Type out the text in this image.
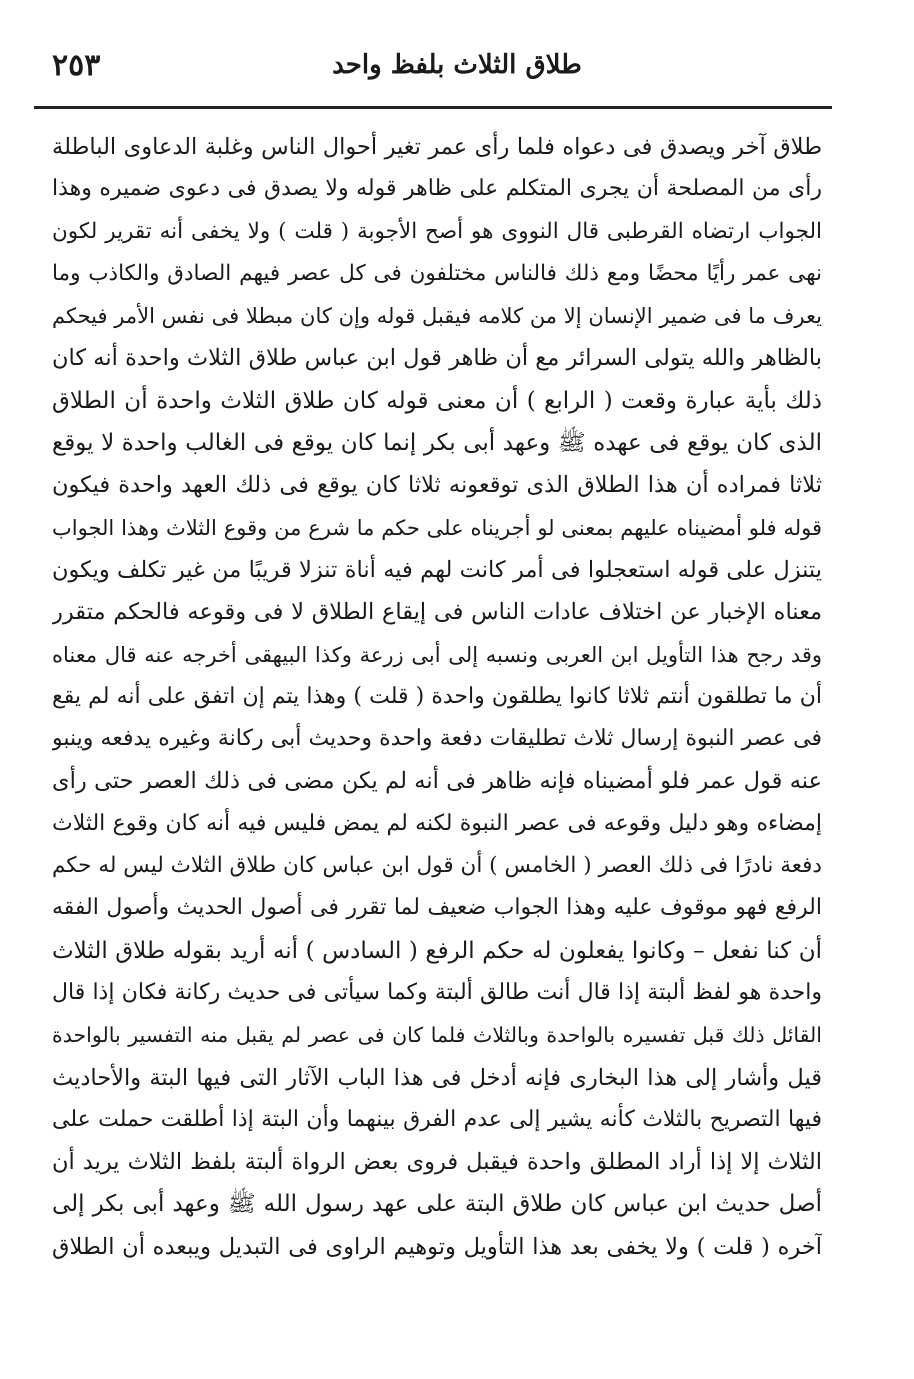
طلاق الثلاث بلفظ واحد
٢٥٣
طلاق آخر ويصدق فى دعواه فلما رأى عمر تغير أحوال الناس وغلبة الدعاوى الباطلة
رأى من المصلحة أن يجرى المتكلم على ظاهر قوله ولا يصدق فى دعوى ضميره وهذا
الجواب ارتضاه القرطبى قال النووى هو أصح الأجوبة ( قلت ) ولا يخفى أنه تقرير لكون
نهى عمر رأيًا محضًا ومع ذلك فالناس مختلفون فى كل عصر فيهم الصادق والكاذب وما
يعرف ما فى ضمير الإنسان إلا من كلامه فيقبل قوله وإن كان مبطلا فى نفس الأمر فيحكم
بالظاهر والله يتولى السرائر مع أن ظاهر قول ابن عباس طلاق الثلاث واحدة أنه كان
ذلك بأية عبارة وقعت ( الرابع ) أن معنى قوله كان طلاق الثلاث واحدة أن الطلاق
الذى كان يوقع فى عهده ﷺ وعهد أبى بكر إنما كان يوقع فى الغالب واحدة لا يوقع
ثلاثا فمراده أن هذا الطلاق الذى توقعونه ثلاثا كان يوقع فى ذلك العهد واحدة فيكون
قوله فلو أمضيناه عليهم بمعنى لو أجريناه على حكم ما شرع من وقوع الثلاث وهذا الجواب
يتنزل على قوله استعجلوا فى أمر كانت لهم فيه أناة تنزلا قريبًا من غير تكلف ويكون
معناه الإخبار عن اختلاف عادات الناس فى إيقاع الطلاق لا فى وقوعه فالحكم متقرر
وقد رجح هذا التأويل ابن العربى ونسبه إلى أبى زرعة وكذا البيهقى أخرجه عنه قال معناه
أن ما تطلقون أنتم ثلاثا كانوا يطلقون واحدة ( قلت ) وهذا يتم إن اتفق على أنه لم يقع
فى عصر النبوة إرسال ثلاث تطليقات دفعة واحدة وحديث أبى ركانة وغيره يدفعه وينبو
عنه قول عمر فلو أمضيناه فإنه ظاهر فى أنه لم يكن مضى فى ذلك العصر حتى رأى
إمضاءه وهو دليل وقوعه فى عصر النبوة لكنه لم يمض فليس فيه أنه كان وقوع الثلاث
دفعة نادرًا فى ذلك العصر ( الخامس ) أن قول ابن عباس كان طلاق الثلاث ليس له حكم
الرفع فهو موقوف عليه وهذا الجواب ضعيف لما تقرر فى أصول الحديث وأصول الفقه
أن كنا نفعل – وكانوا يفعلون له حكم الرفع ( السادس ) أنه أريد بقوله طلاق الثلاث
واحدة هو لفظ ألبتة إذا قال أنت طالق ألبتة وكما سيأتى فى حديث ركانة فكان إذا قال
القائل ذلك قبل تفسيره بالواحدة وبالثلاث فلما كان فى عصر لم يقبل منه التفسير بالواحدة
قيل وأشار إلى هذا البخارى فإنه أدخل فى هذا الباب الآثار التى فيها البتة والأحاديث
فيها التصريح بالثلاث كأنه يشير إلى عدم الفرق بينهما وأن البتة إذا أطلقت حملت على
الثلاث إلا إذا أراد المطلق واحدة فيقبل فروى بعض الرواة ألبتة بلفظ الثلاث يريد أن
أصل حديث ابن عباس كان طلاق البتة على عهد رسول الله ﷺ وعهد أبى بكر إلى
آخره ( قلت ) ولا يخفى بعد هذا التأويل وتوهيم الراوى فى التبديل ويبعده أن الطلاق
